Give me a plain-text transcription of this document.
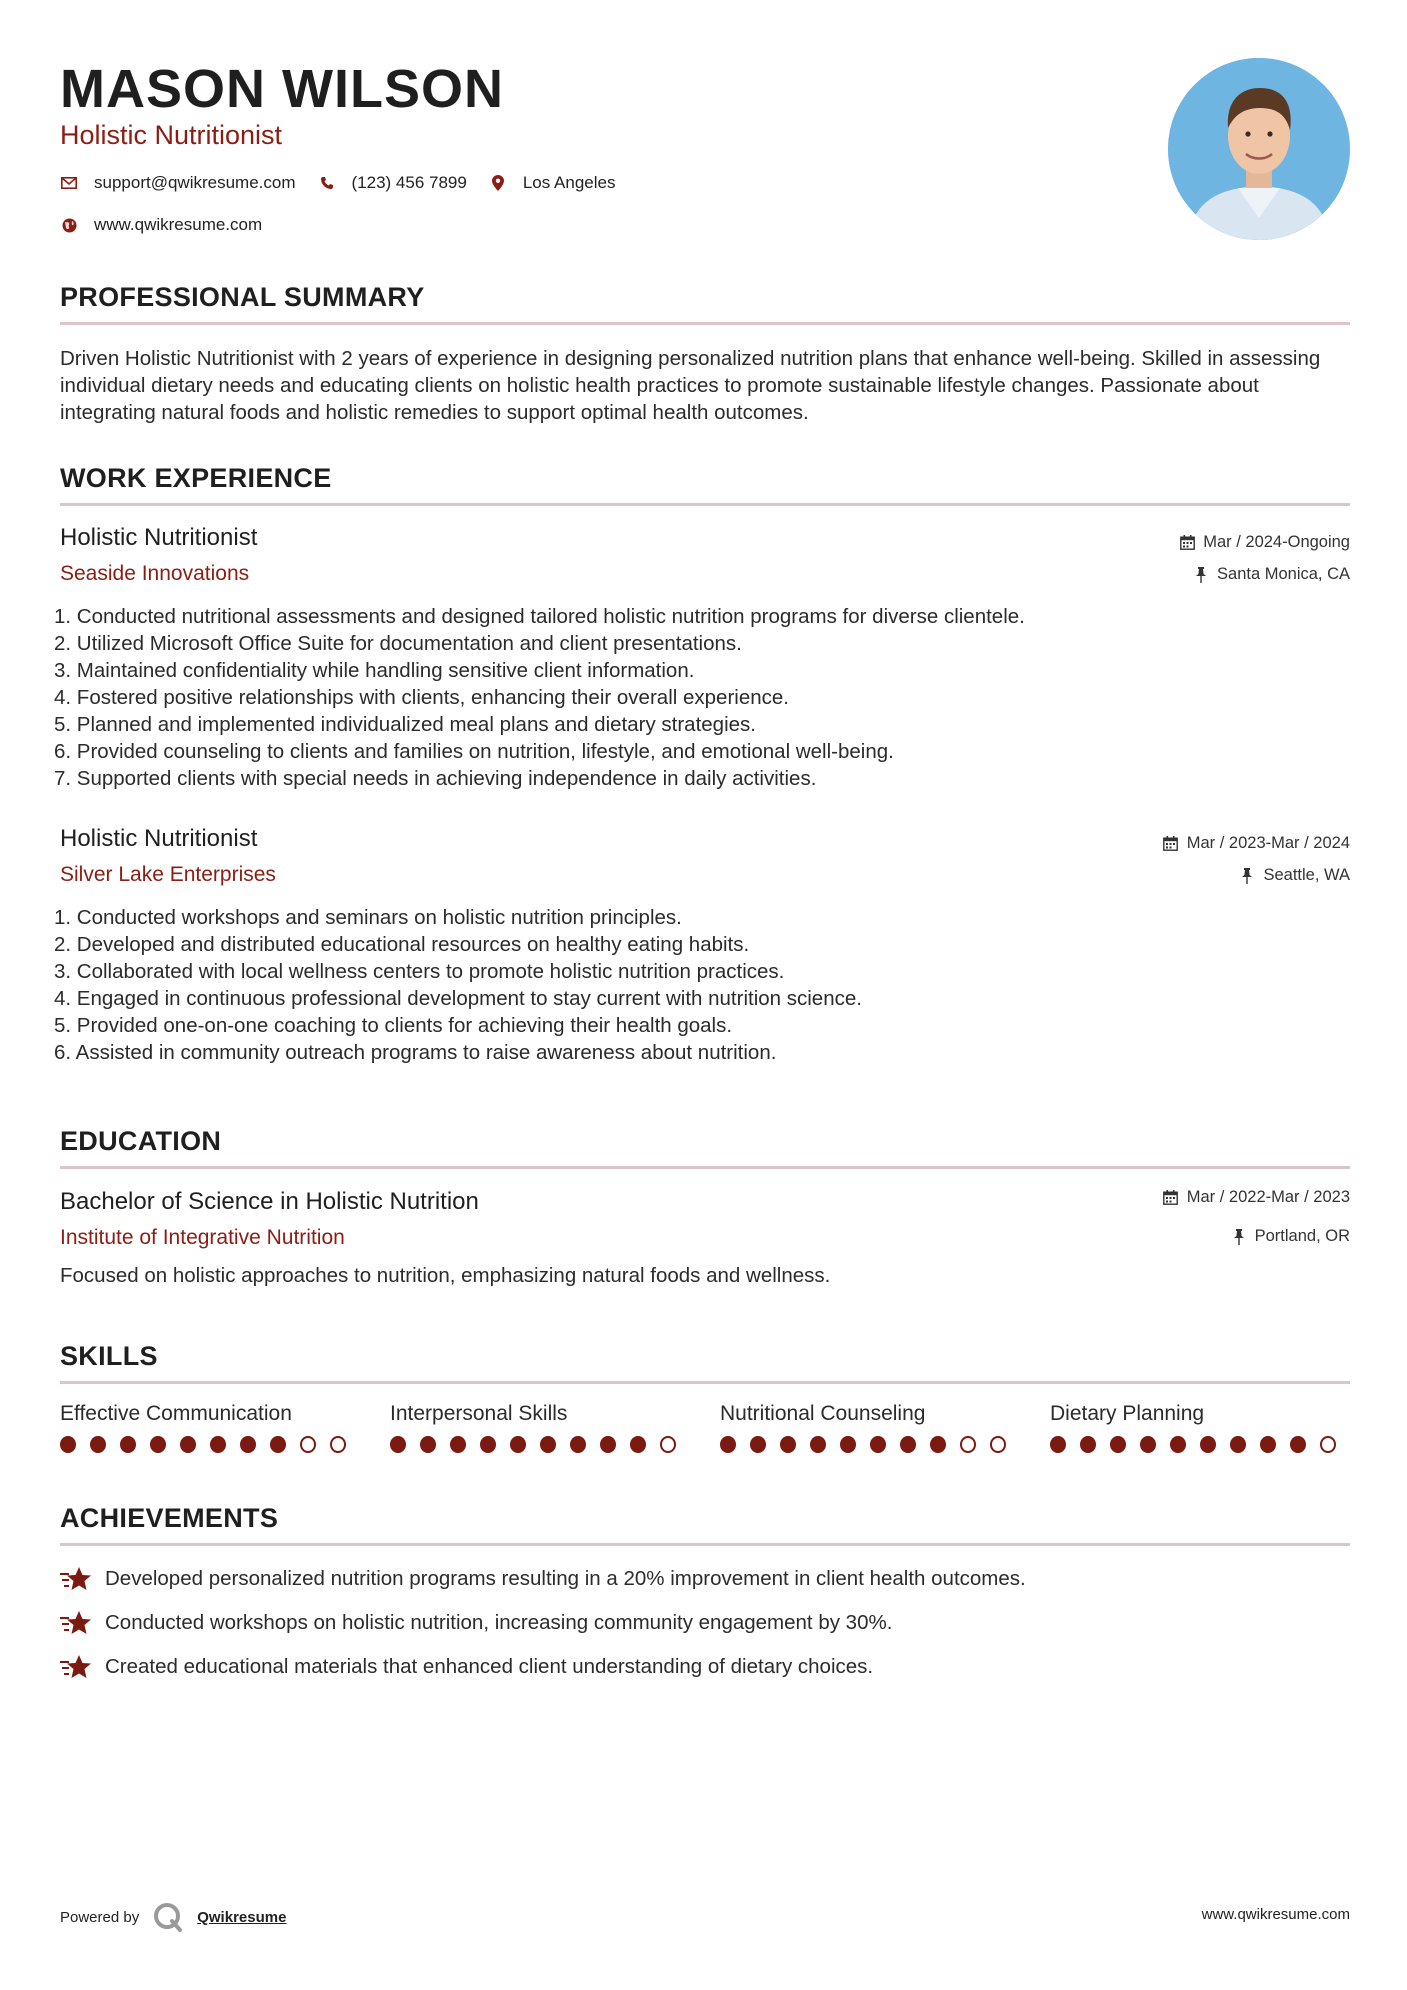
MASON WILSON
Holistic Nutritionist
support@qwikresume.com	(123) 456 7899	Los Angeles
www.qwikresume.com
PROFESSIONAL SUMMARY
Driven Holistic Nutritionist with 2 years of experience in designing personalized nutrition plans that enhance well-being. Skilled in assessing individual dietary needs and educating clients on holistic health practices to promote sustainable lifestyle changes. Passionate about integrating natural foods and holistic remedies to support optimal health outcomes.
WORK EXPERIENCE
Holistic Nutritionist
Seaside Innovations
Mar / 2024-Ongoing
Santa Monica, CA
1. Conducted nutritional assessments and designed tailored holistic nutrition programs for diverse clientele.
2. Utilized Microsoft Office Suite for documentation and client presentations.
3. Maintained confidentiality while handling sensitive client information.
4. Fostered positive relationships with clients, enhancing their overall experience.
5. Planned and implemented individualized meal plans and dietary strategies.
6. Provided counseling to clients and families on nutrition, lifestyle, and emotional well-being.
7. Supported clients with special needs in achieving independence in daily activities.
Holistic Nutritionist
Silver Lake Enterprises
Mar / 2023-Mar / 2024
Seattle, WA
1. Conducted workshops and seminars on holistic nutrition principles.
2. Developed and distributed educational resources on healthy eating habits.
3. Collaborated with local wellness centers to promote holistic nutrition practices.
4. Engaged in continuous professional development to stay current with nutrition science.
5. Provided one-on-one coaching to clients for achieving their health goals.
6. Assisted in community outreach programs to raise awareness about nutrition.
EDUCATION
Bachelor of Science in Holistic Nutrition
Institute of Integrative Nutrition
Mar / 2022-Mar / 2023
Portland, OR
Focused on holistic approaches to nutrition, emphasizing natural foods and wellness.
SKILLS
Effective Communication	Interpersonal Skills	Nutritional Counseling	Dietary Planning
ACHIEVEMENTS
Developed personalized nutrition programs resulting in a 20% improvement in client health outcomes.
Conducted workshops on holistic nutrition, increasing community engagement by 30%.
Created educational materials that enhanced client understanding of dietary choices.
Powered by	Qwikresume	www.qwikresume.com
